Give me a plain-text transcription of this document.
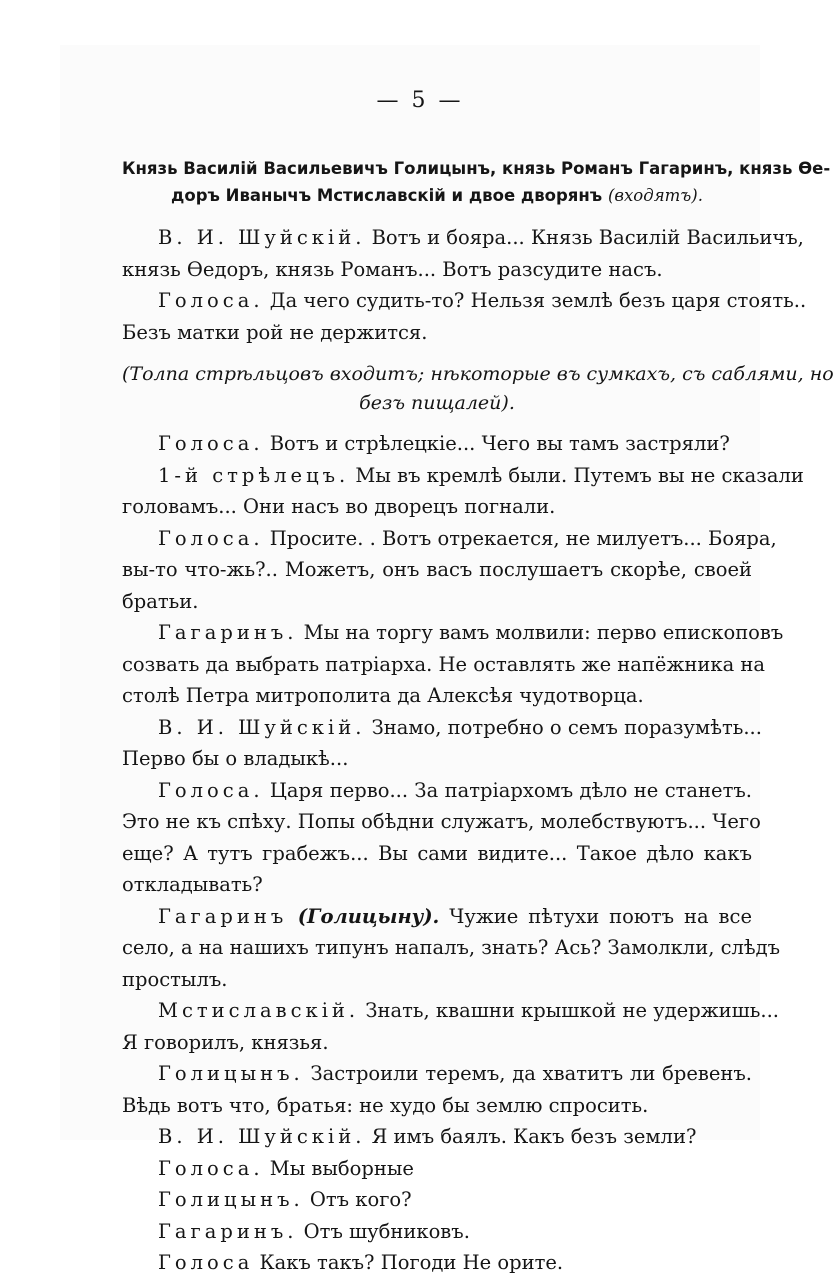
— 5 —
Князь Василій Васильевичъ Голицынъ, князь Романъ Гагаринъ, князь Ѳе-
доръ Иванычъ Мстиславскій и двое дворянъ (входятъ).
В. И. Шуйскій. Вотъ и бояра... Князь Василій Васильичъ,
князь Ѳедоръ, князь Романъ... Вотъ разсудите насъ.
Голоса. Да чего судить-то? Нельзя землѣ безъ царя стоять..
Безъ матки рой не держится.
(Толпа стрѣльцовъ входитъ; нѣкоторые въ сумкахъ, съ саблями, но
безъ пищалей).
Голоса. Вотъ и стрѣлецкіе... Чего вы тамъ застряли?
1-й стрѣлецъ. Мы въ кремлѣ были. Путемъ вы не сказали
головамъ... Они насъ во дворецъ погнали.
Голоса. Просите. . Вотъ отрекается, не милуетъ... Бояра,
вы-то что-жь?.. Можетъ, онъ васъ послушаетъ скорѣе, своей
братьи.
Гагаринъ. Мы на торгу вамъ молвили: перво епископовъ
созвать да выбрать патріарха. Не оставлять же напёжника на
столѣ Петра митрополита да Алексѣя чудотворца.
В. И. Шуйскій. Знамо, потребно о семъ поразумѣть...
Перво бы о владыкѣ...
Голоса. Царя перво... За патріархомъ дѣло не станетъ.
Это не къ спѣху. Попы обѣдни служатъ, молебствуютъ... Чего
еще? А тутъ грабежъ... Вы сами видите... Такое дѣло какъ
откладывать?
Гагаринъ (Голицыну). Чужие пѣтухи поютъ на все
село, а на нашихъ типунъ напалъ, знать? Ась? Замолкли, слѣдъ
простылъ.
Мстиславскій. Знать, квашни крышкой не удержишь...
Я говорилъ, князья.
Голицынъ. Застроили теремъ, да хватитъ ли бревенъ.
Вѣдь вотъ что, братья: не худо бы землю спросить.
В. И. Шуйскій. Я имъ баялъ. Какъ безъ земли?
Голоса. Мы выборные
Голицынъ. Отъ кого?
Гагаринъ. Отъ шубниковъ.
Голоса Какъ такъ? Погоди Не орите.
